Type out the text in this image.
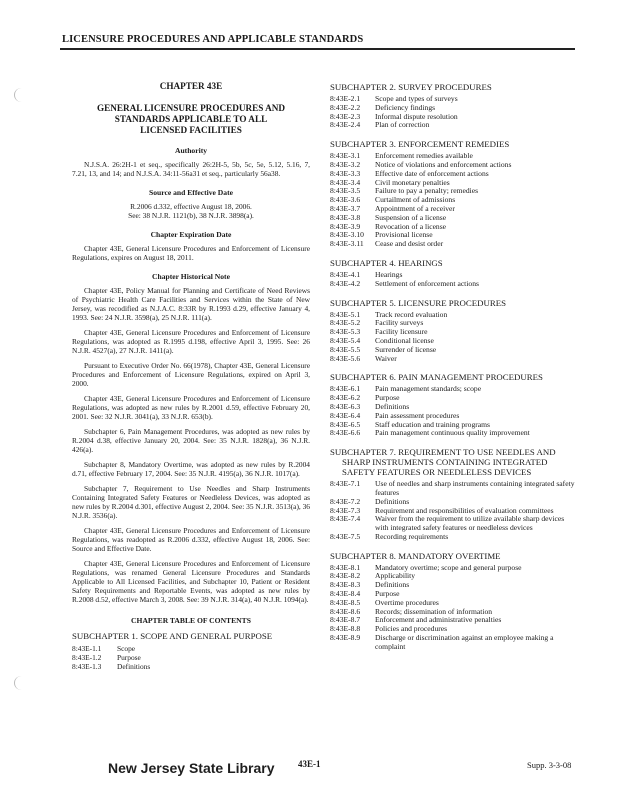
LICENSURE PROCEDURES AND APPLICABLE STANDARDS
CHAPTER 43E
GENERAL LICENSURE PROCEDURES AND
STANDARDS APPLICABLE TO ALL
LICENSED FACILITIES
Authority
N.J.S.A. 26:2H-1 et seq., specifically 26:2H-5, 5b, 5c, 5e, 5.12, 5.16, 7, 7.21, 13, and 14; and N.J.S.A. 34:11-56a31 et seq., particularly 56a38.
Source and Effective Date
R.2006 d.332, effective August 18, 2006.
See: 38 N.J.R. 1121(b), 38 N.J.R. 3898(a).
Chapter Expiration Date
Chapter 43E, General Licensure Procedures and Enforcement of Licensure Regulations, expires on August 18, 2011.
Chapter Historical Note
Chapter 43E, Policy Manual for Planning and Certificate of Need Reviews of Psychiatric Health Care Facilities and Services within the State of New Jersey, was recodified as N.J.A.C. 8:33R by R.1993 d.29, effective January 4, 1993. See: 24 N.J.R. 3598(a), 25 N.J.R. 111(a).
Chapter 43E, General Licensure Procedures and Enforcement of Licensure Regulations, was adopted as R.1995 d.198, effective April 3, 1995. See: 26 N.J.R. 4527(a), 27 N.J.R. 1411(a).
Pursuant to Executive Order No. 66(1978), Chapter 43E, General Licensure Procedures and Enforcement of Licensure Regulations, expired on April 3, 2000.
Chapter 43E, General Licensure Procedures and Enforcement of Licensure Regulations, was adopted as new rules by R.2001 d.59, effective February 20, 2001. See: 32 N.J.R. 3041(a), 33 N.J.R. 653(b).
Subchapter 6, Pain Management Procedures, was adopted as new rules by R.2004 d.38, effective January 20, 2004. See: 35 N.J.R. 1828(a), 36 N.J.R. 426(a).
Subchapter 8, Mandatory Overtime, was adopted as new rules by R.2004 d.71, effective February 17, 2004. See: 35 N.J.R. 4195(a), 36 N.J.R. 1017(a).
Subchapter 7, Requirement to Use Needles and Sharp Instruments Containing Integrated Safety Features or Needleless Devices, was adopted as new rules by R.2004 d.301, effective August 2, 2004. See: 35 N.J.R. 3513(a), 36 N.J.R. 3536(a).
Chapter 43E, General Licensure Procedures and Enforcement of Licensure Regulations, was readopted as R.2006 d.332, effective August 18, 2006. See: Source and Effective Date.
Chapter 43E, General Licensure Procedures and Enforcement of Licensure Regulations, was renamed General Licensure Procedures and Standards Applicable to All Licensed Facilities, and Subchapter 10, Patient or Resident Safety Requirements and Reportable Events, was adopted as new rules by R.2008 d.52, effective March 3, 2008. See: 39 N.J.R. 314(a), 40 N.J.R. 1094(a).
CHAPTER TABLE OF CONTENTS
SUBCHAPTER 1. SCOPE AND GENERAL PURPOSE
8:43E-1.1	Scope
8:43E-1.2	Purpose
8:43E-1.3	Definitions
SUBCHAPTER 2. SURVEY PROCEDURES
8:43E-2.1	Scope and types of surveys
8:43E-2.2	Deficiency findings
8:43E-2.3	Informal dispute resolution
8:43E-2.4	Plan of correction
SUBCHAPTER 3. ENFORCEMENT REMEDIES
8:43E-3.1	Enforcement remedies available
8:43E-3.2	Notice of violations and enforcement actions
8:43E-3.3	Effective date of enforcement actions
8:43E-3.4	Civil monetary penalties
8:43E-3.5	Failure to pay a penalty; remedies
8:43E-3.6	Curtailment of admissions
8:43E-3.7	Appointment of a receiver
8:43E-3.8	Suspension of a license
8:43E-3.9	Revocation of a license
8:43E-3.10	Provisional license
8:43E-3.11	Cease and desist order
SUBCHAPTER 4. HEARINGS
8:43E-4.1	Hearings
8:43E-4.2	Settlement of enforcement actions
SUBCHAPTER 5. LICENSURE PROCEDURES
8:43E-5.1	Track record evaluation
8:43E-5.2	Facility surveys
8:43E-5.3	Facility licensure
8:43E-5.4	Conditional license
8:43E-5.5	Surrender of license
8:43E-5.6	Waiver
SUBCHAPTER 6. PAIN MANAGEMENT PROCEDURES
8:43E-6.1	Pain management standards; scope
8:43E-6.2	Purpose
8:43E-6.3	Definitions
8:43E-6.4	Pain assessment procedures
8:43E-6.5	Staff education and training programs
8:43E-6.6	Pain management continuous quality improvement
SUBCHAPTER 7. REQUIREMENT TO USE NEEDLES AND SHARP INSTRUMENTS CONTAINING INTEGRATED SAFETY FEATURES OR NEEDLELESS DEVICES
8:43E-7.1	Use of needles and sharp instruments containing integrated safety features
8:43E-7.2	Definitions
8:43E-7.3	Requirement and responsibilities of evaluation committees
8:43E-7.4	Waiver from the requirement to utilize available sharp devices with integrated safety features or needleless devices
8:43E-7.5	Recording requirements
SUBCHAPTER 8. MANDATORY OVERTIME
8:43E-8.1	Mandatory overtime; scope and general purpose
8:43E-8.2	Applicability
8:43E-8.3	Definitions
8:43E-8.4	Purpose
8:43E-8.5	Overtime procedures
8:43E-8.6	Records; dissemination of information
8:43E-8.7	Enforcement and administrative penalties
8:43E-8.8	Policies and procedures
8:43E-8.9	Discharge or discrimination against an employee making a complaint
New Jersey State Library	43E-1	Supp. 3-3-08
